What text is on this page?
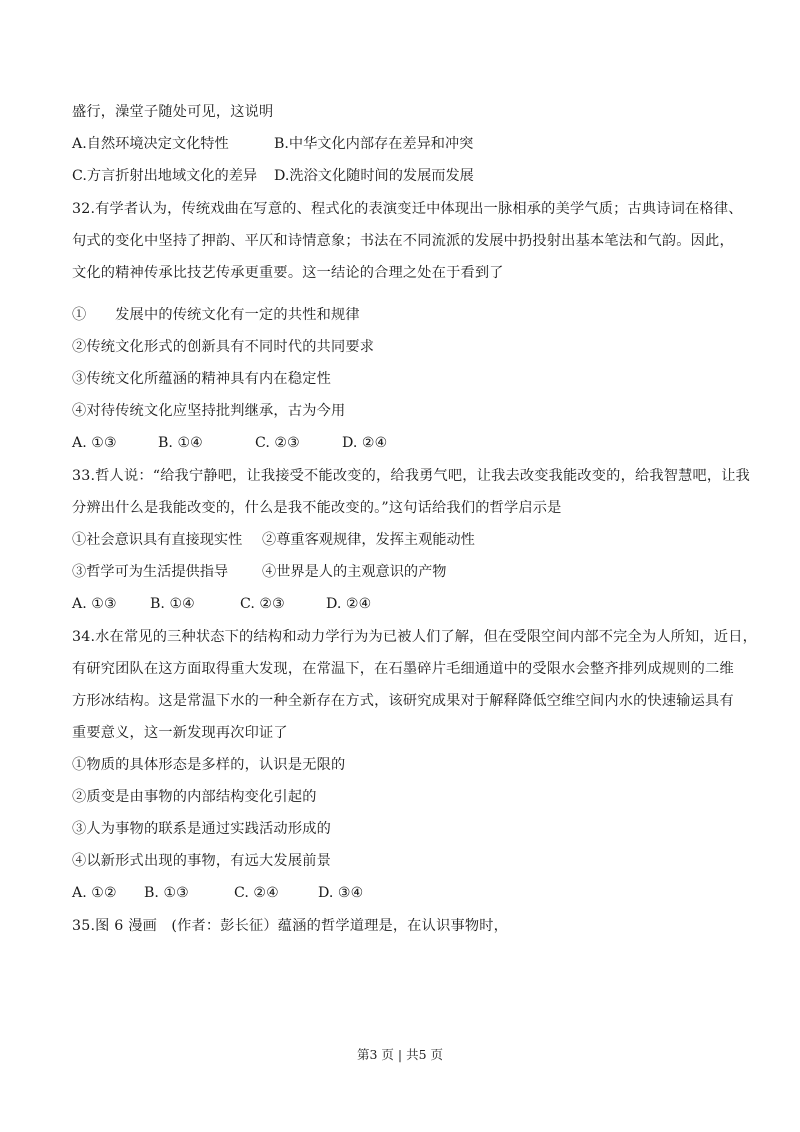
盛行，澡堂子随处可见，这说明
A.自然环境决定文化特性	B.中华文化内部存在差异和冲突
C.方言折射出地域文化的差异 D.洗浴文化随时间的发展而发展
32.有学者认为，传统戏曲在写意的、程式化的表演变迁中体现出一脉相承的美学气质；古典诗词在格律、
句式的变化中坚持了押韵、平仄和诗情意象；书法在不同流派的发展中扔投射出基本笔法和气韵。因此，
文化的精神传承比技艺传承更重要。这一结论的合理之处在于看到了
①　　发展中的传统文化有一定的共性和规律
②传统文化形式的创新具有不同时代的共同要求
③传统文化所蕴涵的精神具有内在稳定性
④对待传统文化应坚持批判继承，古为今用
A. ①③	B. ①④	C. ②③	D. ②④
33.哲人说：“给我宁静吧，让我接受不能改变的，给我勇气吧，让我去改变我能改变的，给我智慧吧，让我
分辨出什么是我能改变的，什么是我不能改变的。”这句话给我们的哲学启示是
①社会意识具有直接现实性 ②尊重客观规律，发挥主观能动性
③哲学可为生活提供指导 ④世界是人的主观意识的产物
A. ①③ B. ①④	C. ②③	D. ②④
34.水在常见的三种状态下的结构和动力学行为为已被人们了解，但在受限空间内部不完全为人所知，近日，
有研究团队在这方面取得重大发现，在常温下，在石墨碎片毛细通道中的受限水会整齐排列成规则的二维
方形冰结构。这是常温下水的一种全新存在方式，该研究成果对于解释降低空维空间内水的快速输运具有
重要意义，这一新发现再次印证了
①物质的具体形态是多样的，认识是无限的
②质变是由事物的内部结构变化引起的
③人为事物的联系是通过实践活动形成的
④以新形式出现的事物，有远大发展前景
A. ①② B. ①③	C. ②④	D. ③④
35.图 6 漫画　(作者：彭长征）蕴涵的哲学道理是，在认识事物时，
第3 页 | 共5 页
